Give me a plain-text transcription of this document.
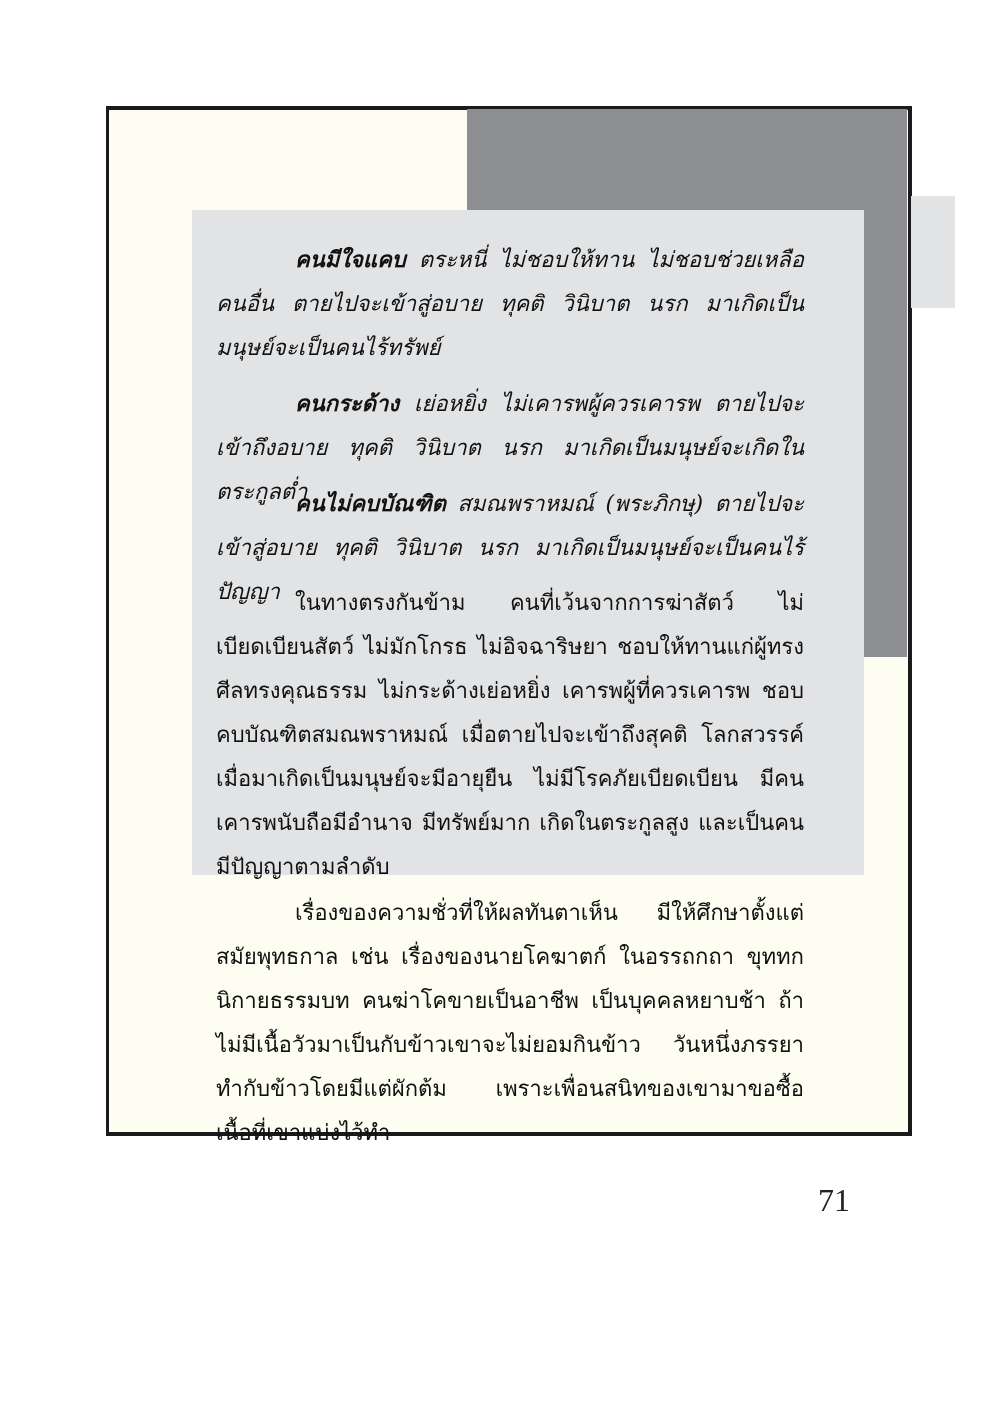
คนมีใจแคบ ตระหนี่ ไม่ชอบให้ทาน ไม่ชอบช่วยเหลือคนอื่น ตายไปจะเข้าสู่อบาย ทุคติ วินิบาต นรก มาเกิดเป็นมนุษย์จะเป็นคนไร้ทรัพย์

คนกระด้าง เย่อหยิ่ง ไม่เคารพผู้ควรเคารพ ตายไปจะเข้าถึงอบาย ทุคติ วินิบาต นรก มาเกิดเป็นมนุษย์จะเกิดในตระกูลต่ำ

คนไม่คบบัณฑิต สมณพราหมณ์ (พระภิกษุ) ตายไปจะเข้าสู่อบาย ทุคติ วินิบาต นรก มาเกิดเป็นมนุษย์จะเป็นคนไร้ปัญญา ในทางตรงกันข้าม คนที่เว้นจากการฆ่าสัตว์ ไม่เบียดเบียนสัตว์ ไม่มักโกรธ ไม่อิจฉาริษยา ชอบให้ทานแก่ผู้ทรงศีลทรงคุณธรรม ไม่กระด้างเย่อหยิ่ง เคารพผู้ที่ควรเคารพ ชอบคบบัณฑิตสมณพราหมณ์ เมื่อตายไปจะเข้าถึงสุคติ โลกสวรรค์ เมื่อมาเกิดเป็นมนุษย์จะมีอายุยืน ไม่มีโรคภัยเบียดเบียน มีคนเคารพนับถือมีอำนาจ มีทรัพย์มาก เกิดในตระกูลสูง และเป็นคนมีปัญญาตามลำดับ

เรื่องของความชั่วที่ให้ผลทันตาเห็น มีให้ศึกษาตั้งแต่สมัยพุทธกาล เช่น เรื่องของนายโคฆาตก์ ในอรรถกถา ขุททกนิกายธรรมบท คนฆ่าโคขายเป็นอาชีพ เป็นบุคคลหยาบช้า ถ้าไม่มีเนื้อวัวมาเป็นกับข้าวเขาจะไม่ยอมกินข้าว วันหนึ่งภรรยาทำกับข้าวโดยมีแต่ผักต้ม เพราะเพื่อนสนิทของเขามาขอซื้อเนื้อที่เขาแบ่งไว้ทำ

71
